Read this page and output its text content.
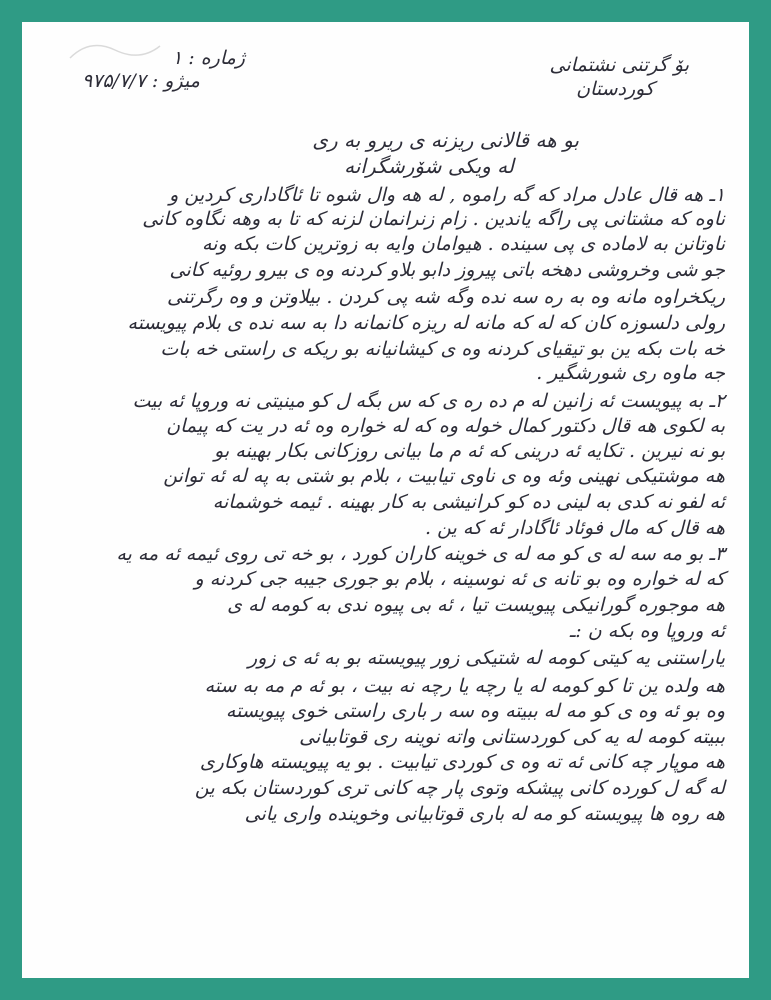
بۆ گرتنی نشتمانی
کوردستان
ژماره : ۱
میژو : ۹۷۵/۷/۷
بو هه قالانی ریزنه ی ریرو به ری
له ویکی شۆرشگرانه
۱ـ هه قال عادل مراد که گه راموه , له هه وال شوه تا ئاگاداری کردین و
ناوه که مشتانی پی راگه یاندین . زام زنرانمان لزنه که تا به وهه نگاوه کانی
ناوتانن به لاماده ی پی سینده . هیوامان وایه به زوترین کات بکه ونه
جو شی وخروشی دهخه باتی پیروز دابو بلاو کردنه وه ی بیرو روئیه کانی
ریکخراوه مانه وه به ره سه نده وگه شه پی کردن . بیلاوتن و وه رگرتنی
رولی دلسوزه کان که له که مانه له ریزه کانمانه دا به سه نده ی بلام پیویسته
خه بات بکه ین بو تیقیای کردنه وه ی کیشانیانه بو ریکه ی راستی خه بات
جه ماوه ری شورشگیر .
۲ـ به پیویست ئه زانین له م ده ره ی که س بگه ل کو مینیتی نه وروپا ئه بیت
به لکوی هه قال دکتور کمال خوله وه که له خواره وه ئه در یت که پیمان
بو نه نیرین . تکایه ئه درینی که ئه م ما بیانی روزکانی بکار بهینه بو
هه موشتیکی نهینی وئه وه ی ناوی تیابیت ، بلام بو شتی به په له ئه توانن
ئه لفو نه کدی به لینی ده کو کرانیشی به کار بهینه . ئیمه خوشمانه
هه قال که مال فوئاد ئاگادار ئه که ین .
۳ـ بو مه سه له ی کو مه له ی خوینه کاران کورد ، بو خه تی روی ئیمه ئه مه یه
که له خواره وه بو تانه ی ئه نوسینه ، بلام بو جوری جیبه جی کردنه و
هه موجوره گورانیکی پیویست تیا ، ئه بی پیوه ندی به کومه له ی
ئه وروپا وه بکه ن :ـ
یاراستنی یه کیتی کومه له شتیکی زور پیویسته بو به ئه ی زور
هه ولده ین تا کو کومه له یا رچه یا رچه نه بیت ، بو ئه م مه به سته
وه بو ئه وه ی کو مه له ببیته وه سه ر باری راستی خوی پیویسته
ببیته کومه له یه کی کوردستانی واته نوینه ری قوتابیانی
هه موپار چه کانی ئه ته وه ی کوردی تیابیت . بو یه پیویسته هاوکاری
له گه ل کورده کانی پیشکه وتوی پار چه کانی تری کوردستان بکه ین
هه روه ها پیویسته کو مه له باری قوتابیانی وخوینده واری یانی
